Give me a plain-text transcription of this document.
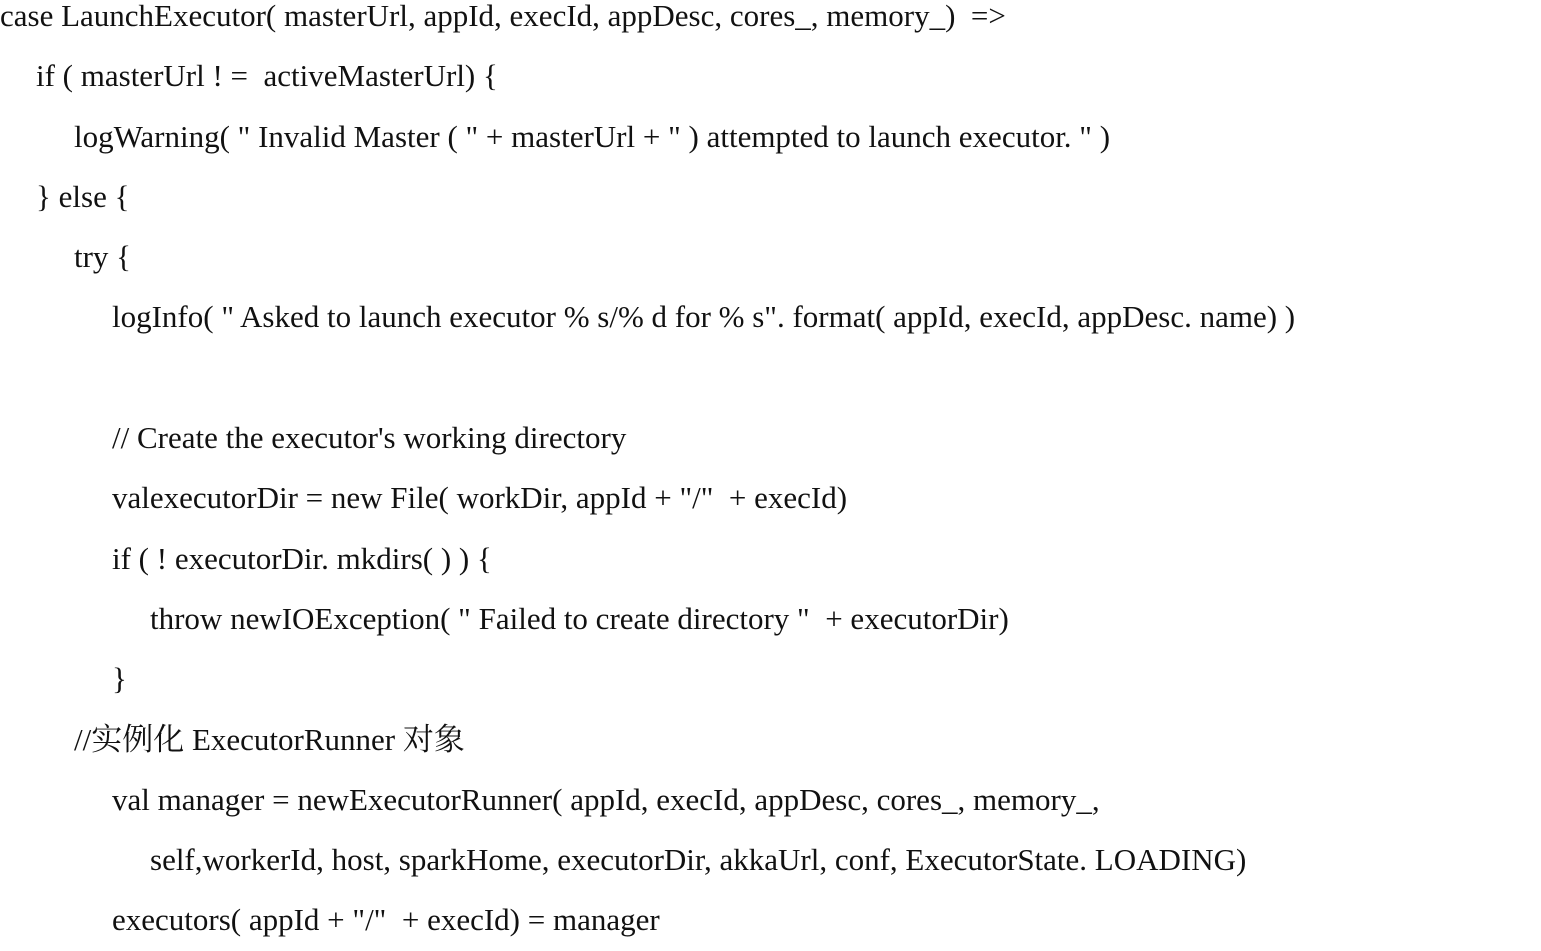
case LaunchExecutor( masterUrl, appId, execId, appDesc, cores_, memory_)  =>
if ( masterUrl ! =  activeMasterUrl) {
logWarning( " Invalid Master ( " + masterUrl + " ) attempted to launch executor. " )
} else {
try {
logInfo( " Asked to launch executor % s/% d for % s". format( appId, execId, appDesc. name) )
// Create the executor's working directory
valexecutorDir = new File( workDir, appId + "/"  + execId)
if ( ! executorDir. mkdirs( ) ) {
throw newIOException( " Failed to create directory "  + executorDir)
}
//实例化 ExecutorRunner 对象
val manager = newExecutorRunner( appId, execId, appDesc, cores_, memory_,
self,workerId, host, sparkHome, executorDir, akkaUrl, conf, ExecutorState. LOADING)
executors( appId + "/"  + execId) = manager
